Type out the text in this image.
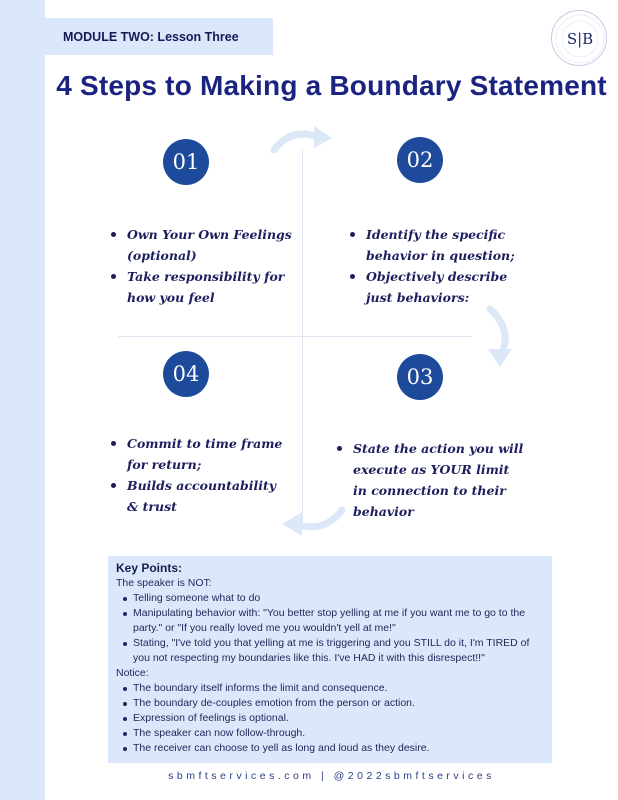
MODULE TWO: Lesson Three	S|B
4 Steps to Making a Boundary Statement
01	02
03
04
Own Your Own Feelings (optional)
Take responsibility for how you feel
Identify the specific behavior in question;
Objectively describe just behaviors:
State the action you will execute as YOUR limit in connection to their behavior
Commit to time frame for return;
Builds accountability & trust
Key Points:
The speaker is NOT:
Telling someone what to do
Manipulating behavior with: "You better stop yelling at me if you want me to go to the party." or "If you really loved me you wouldn't yell at me!"
Stating, "I've told you that yelling at me is triggering and you STILL do it, I'm TIRED of you not respecting my boundaries like this. I've HAD it with this disrespect!!"
Notice:
The boundary itself informs the limit and consequence.
The boundary de-couples emotion from the person or action.
Expression of feelings is optional.
The speaker can now follow-through.
The receiver can choose to yell as long and loud as they desire.
sbmftservices.com | @2022sbmftservices
